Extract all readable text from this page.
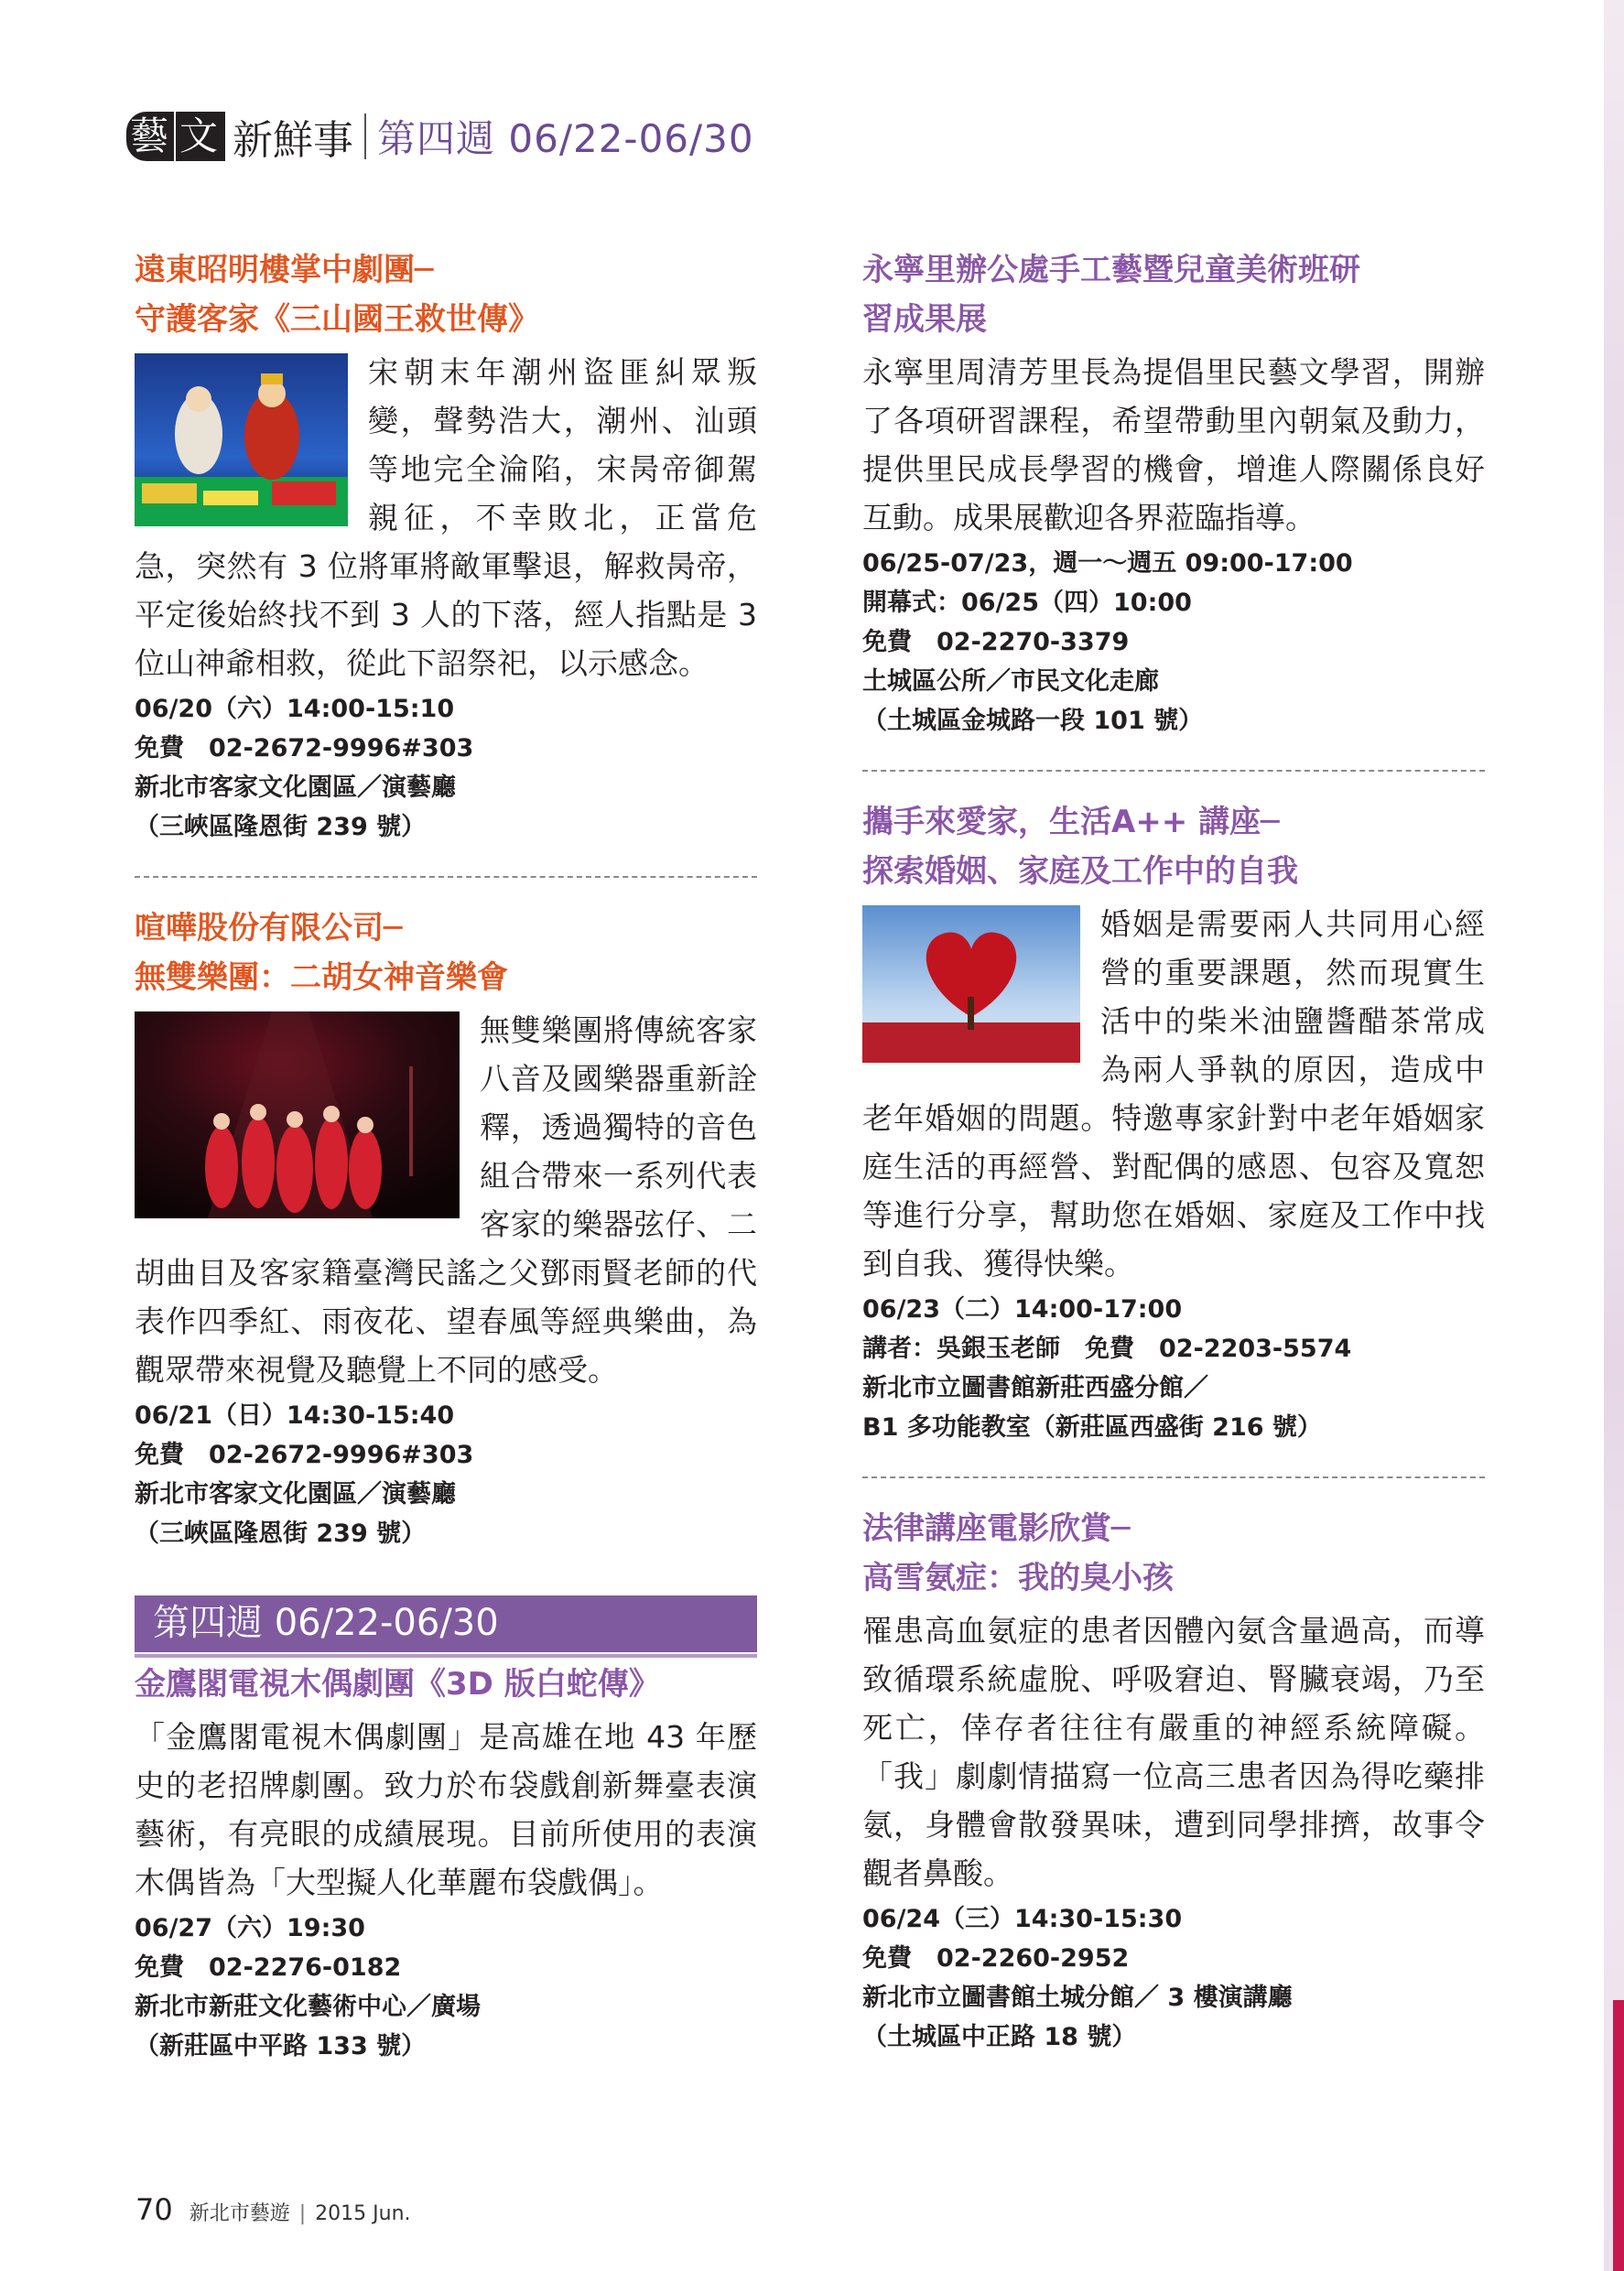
藝 文 新鮮事 第四週 06/22-06/30

遠東昭明樓掌中劇團─

守護客家《三山國王救世傳》

宋朝末年潮州盜匪糾眾叛變，聲勢浩大，潮州、汕頭等地完全淪陷，宋昺帝御駕親征，不幸敗北，正當危急，突然有 3 位將軍將敵軍擊退，解救昺帝，平定後始終找不到 3 人的下落，經人指點是 3 位山神爺相救，從此下詔祭祀，以示感念。
06/20（六）14:00-15:10
免費　02-2672-9996#303
新北市客家文化園區／演藝廳
（三峽區隆恩街 239 號）

喧嘩股份有限公司─

無雙樂團：二胡女神音樂會

無雙樂團將傳統客家八音及國樂器重新詮釋，透過獨特的音色組合帶來一系列代表客家的樂器弦仔、二胡曲目及客家籍臺灣民謠之父鄧雨賢老師的代表作四季紅、雨夜花、望春風等經典樂曲，為觀眾帶來視覺及聽覺上不同的感受。
06/21（日）14:30-15:40
免費　02-2672-9996#303
新北市客家文化園區／演藝廳
（三峽區隆恩街 239 號）
第四週 06/22-06/30

金鷹閣電視木偶劇團《3D 版白蛇傳》

「金鷹閣電視木偶劇團」是高雄在地 43 年歷史的老招牌劇團。致力於布袋戲創新舞臺表演藝術，有亮眼的成績展現。目前所使用的表演木偶皆為「大型擬人化華麗布袋戲偶」。
06/27（六）19:30
免費　02-2276-0182
新北市新莊文化藝術中心／廣場
（新莊區中平路 133 號）

永寧里辦公處手工藝暨兒童美術班研

習成果展

永寧里周清芳里長為提倡里民藝文學習，開辦了各項研習課程，希望帶動里內朝氣及動力，提供里民成長學習的機會，增進人際關係良好互動。成果展歡迎各界蒞臨指導。
06/25-07/23，週一～週五 09:00-17:00
開幕式：06/25（四）10:00
免費　02-2270-3379
土城區公所／市民文化走廊
（土城區金城路一段 101 號）

攜手來愛家，生活A++ 講座─

探索婚姻、家庭及工作中的自我

婚姻是需要兩人共同用心經營的重要課題，然而現實生活中的柴米油鹽醬醋茶常成為兩人爭執的原因，造成中老年婚姻的問題。特邀專家針對中老年婚姻家庭生活的再經營、對配偶的感恩、包容及寬恕等進行分享，幫助您在婚姻、家庭及工作中找到自我、獲得快樂。
06/23（二）14:00-17:00
講者：吳銀玉老師　免費　02-2203-5574
新北市立圖書館新莊西盛分館／
B1 多功能教室（新莊區西盛街 216 號）

法律講座電影欣賞─

高雪氨症：我的臭小孩

罹患高血氨症的患者因體內氨含量過高，而導致循環系統虛脫、呼吸窘迫、腎臟衰竭，乃至死亡，倖存者往往有嚴重的神經系統障礙。「我」劇劇情描寫一位高三患者因為得吃藥排氨，身體會散發異味，遭到同學排擠，故事令觀者鼻酸。
06/24（三）14:30-15:30
免費　02-2260-2952
新北市立圖書館土城分館／ 3 樓演講廳
（土城區中正路 18 號）
70 新北市藝遊 | 2015 Jun.
